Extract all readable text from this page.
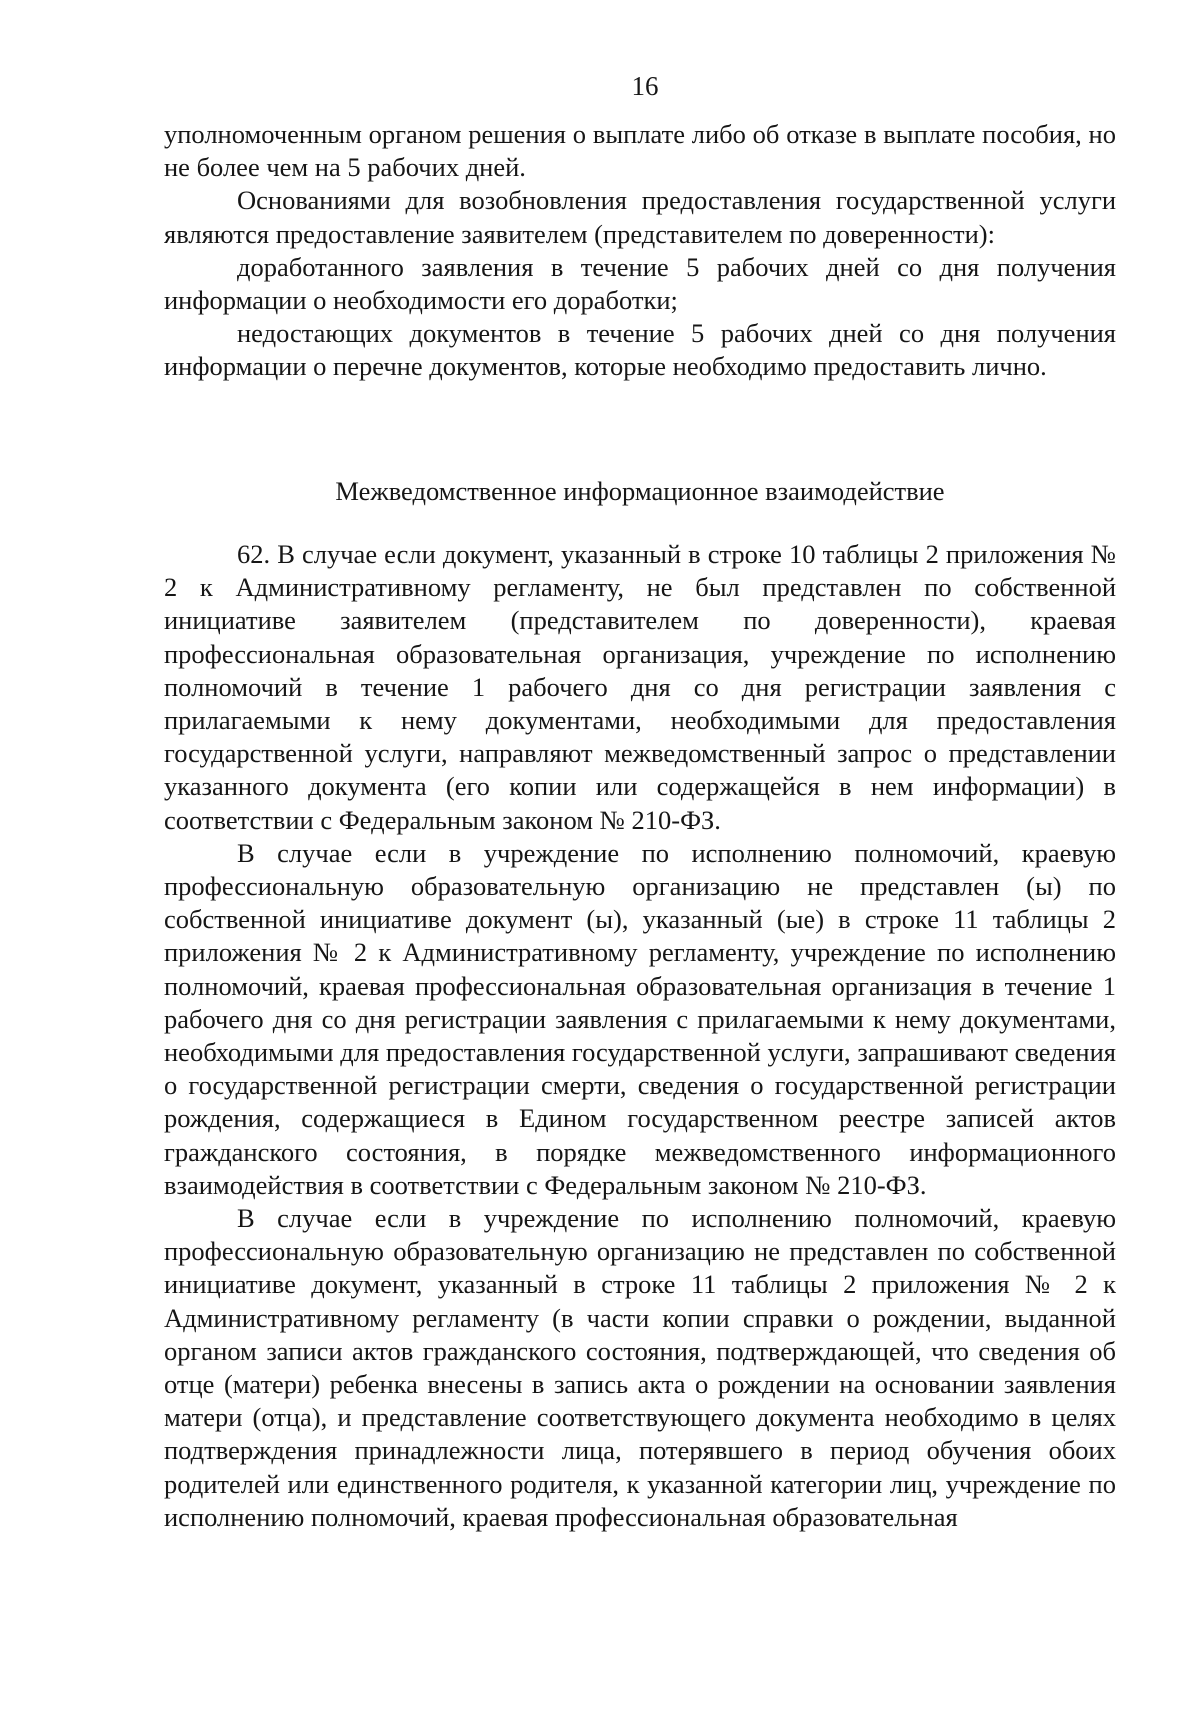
16

уполномоченным органом решения о выплате либо об отказе в выплате пособия, но не более чем на 5 рабочих дней.

Основаниями для возобновления предоставления государственной услуги являются предоставление заявителем (представителем по доверенности):

доработанного заявления в течение 5 рабочих дней со дня получения информации о необходимости его доработки;

недостающих документов в течение 5 рабочих дней со дня получения информации о перечне документов, которые необходимо предоставить лично.

Межведомственное информационное взаимодействие

62. В случае если документ, указанный в строке 10 таблицы 2 приложения № 2 к Административному регламенту, не был представлен по собственной инициативе заявителем (представителем по доверенности), краевая профессиональная образовательная организация, учреждение по исполнению полномочий в течение 1 рабочего дня со дня регистрации заявления с прилагаемыми к нему документами, необходимыми для предоставления государственной услуги, направляют межведомственный запрос о представлении указанного документа (его копии или содержащейся в нем информации) в соответствии с Федеральным законом № 210-ФЗ.

В случае если в учреждение по исполнению полномочий, краевую профессиональную образовательную организацию не представлен (ы) по собственной инициативе документ (ы), указанный (ые) в строке 11 таблицы 2 приложения № 2 к Административному регламенту, учреждение по исполнению полномочий, краевая профессиональная образовательная организация в течение 1 рабочего дня со дня регистрации заявления с прилагаемыми к нему документами, необходимыми для предоставления государственной услуги, запрашивают сведения о государственной регистрации смерти, сведения о государственной регистрации рождения, содержащиеся в Едином государственном реестре записей актов гражданского состояния, в порядке межведомственного информационного взаимодействия в соответствии с Федеральным законом № 210-ФЗ.

В случае если в учреждение по исполнению полномочий, краевую профессиональную образовательную организацию не представлен по собственной инициативе документ, указанный в строке 11 таблицы 2 приложения № 2 к Административному регламенту (в части копии справки о рождении, выданной органом записи актов гражданского состояния, подтверждающей, что сведения об отце (матери) ребенка внесены в запись акта о рождении на основании заявления матери (отца), и представление соответствующего документа необходимо в целях подтверждения принадлежности лица, потерявшего в период обучения обоих родителей или единственного родителя, к указанной категории лиц, учреждение по исполнению полномочий, краевая профессиональная образовательная
